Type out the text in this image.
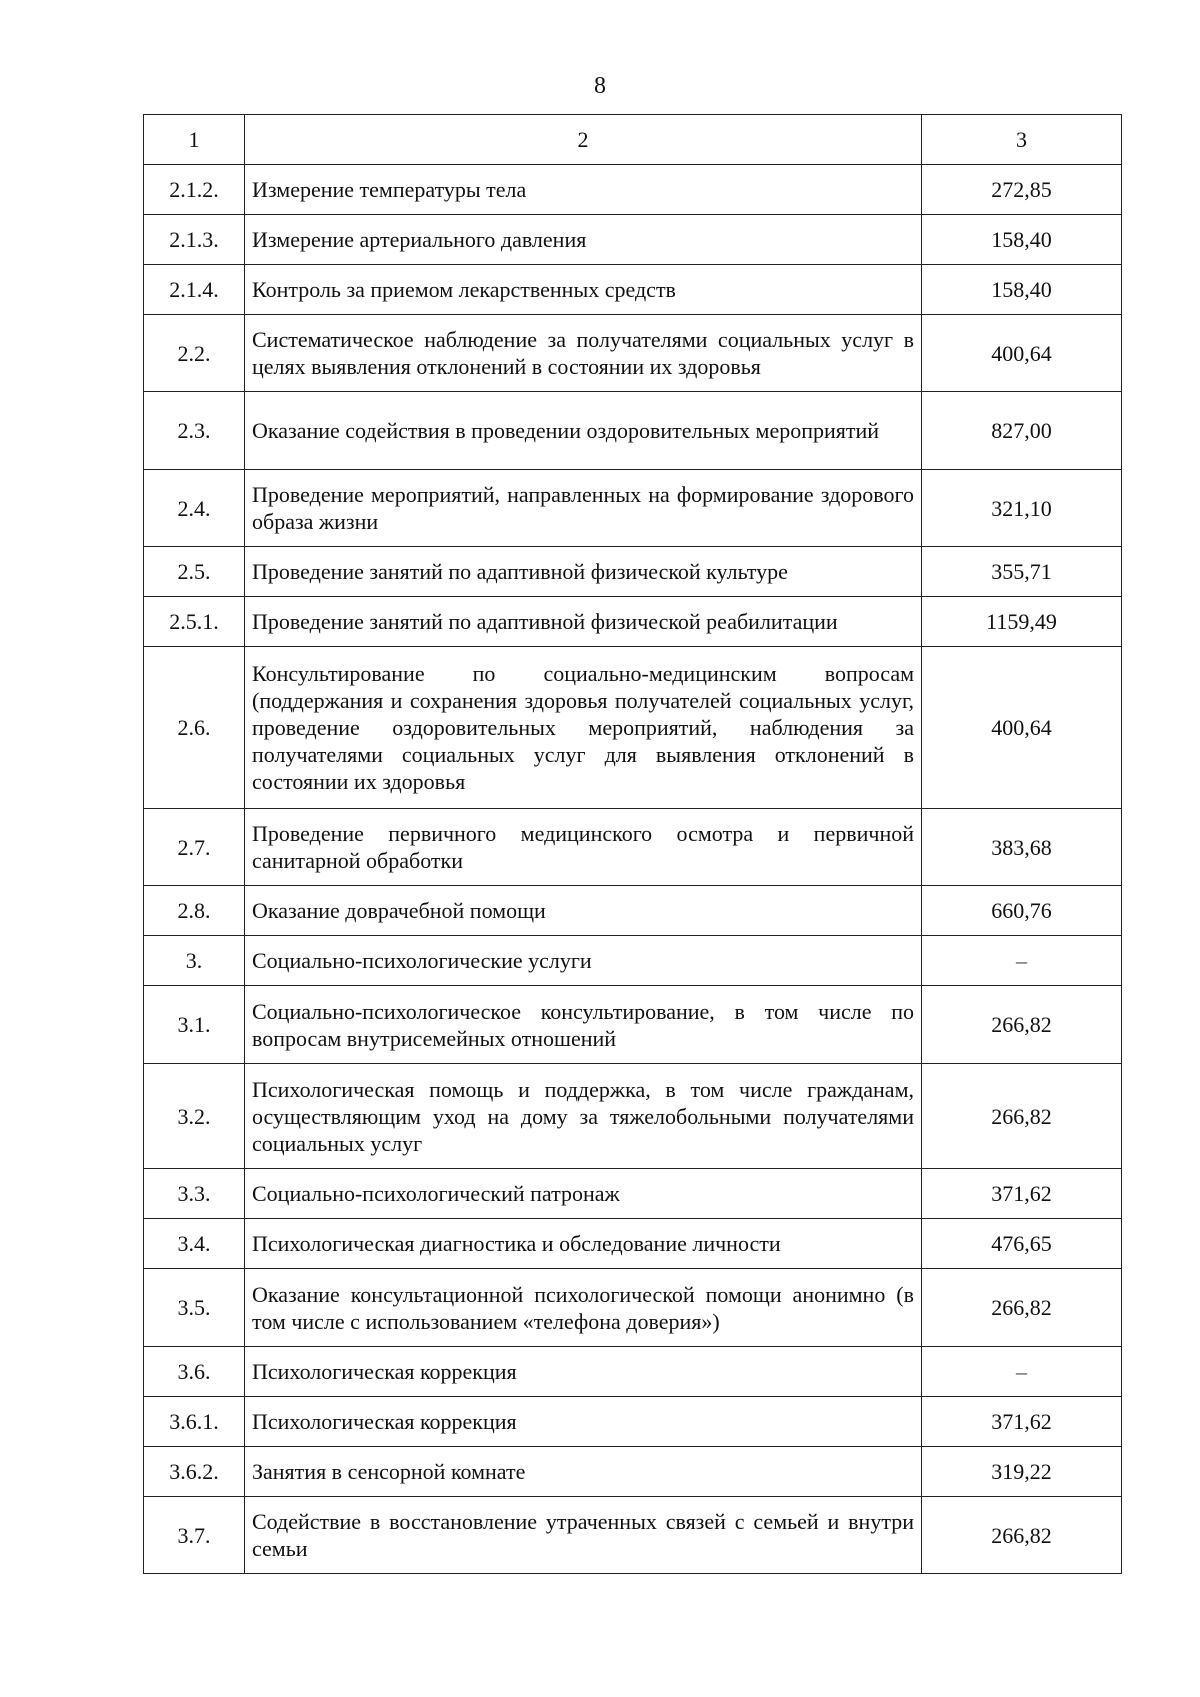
8
1	2	3
2.1.2.	Измерение температуры тела	272,85
2.1.3.	Измерение артериального давления	158,40
2.1.4.	Контроль за приемом лекарственных средств	158,40
2.2.	Систематическое наблюдение за получателями социальных услуг в целях выявления отклонений в состоянии их здоровья	400,64
2.3.	Оказание содействия в проведении оздоровительных мероприятий	827,00
2.4.	Проведение мероприятий, направленных на формирование здорового образа жизни	321,10
2.5.	Проведение занятий по адаптивной физической культуре	355,71
2.5.1.	Проведение занятий по адаптивной физической реабилитации	1159,49
2.6.	Консультирование по социально-медицинским вопросам (поддержания и сохранения здоровья получателей социальных услуг, проведение оздоровительных мероприятий, наблюдения за получателями социальных услуг для выявления отклонений в состоянии их здоровья	400,64
2.7.	Проведение первичного медицинского осмотра и первичной санитарной обработки	383,68
2.8.	Оказание доврачебной помощи	660,76
3.	Социально-психологические услуги	–
3.1.	Социально-психологическое консультирование, в том числе по вопросам внутрисемейных отношений	266,82
3.2.	Психологическая помощь и поддержка, в том числе гражданам, осуществляющим уход на дому за тяжелобольными получателями социальных услуг	266,82
3.3.	Социально-психологический патронаж	371,62
3.4.	Психологическая диагностика и обследование личности	476,65
3.5.	Оказание консультационной психологической помощи анонимно (в том числе с использованием «телефона доверия»)	266,82
3.6.	Психологическая коррекция	–
3.6.1.	Психологическая коррекция	371,62
3.6.2.	Занятия в сенсорной комнате	319,22
3.7.	Содействие в восстановление утраченных связей с семьей и внутри семьи	266,82
